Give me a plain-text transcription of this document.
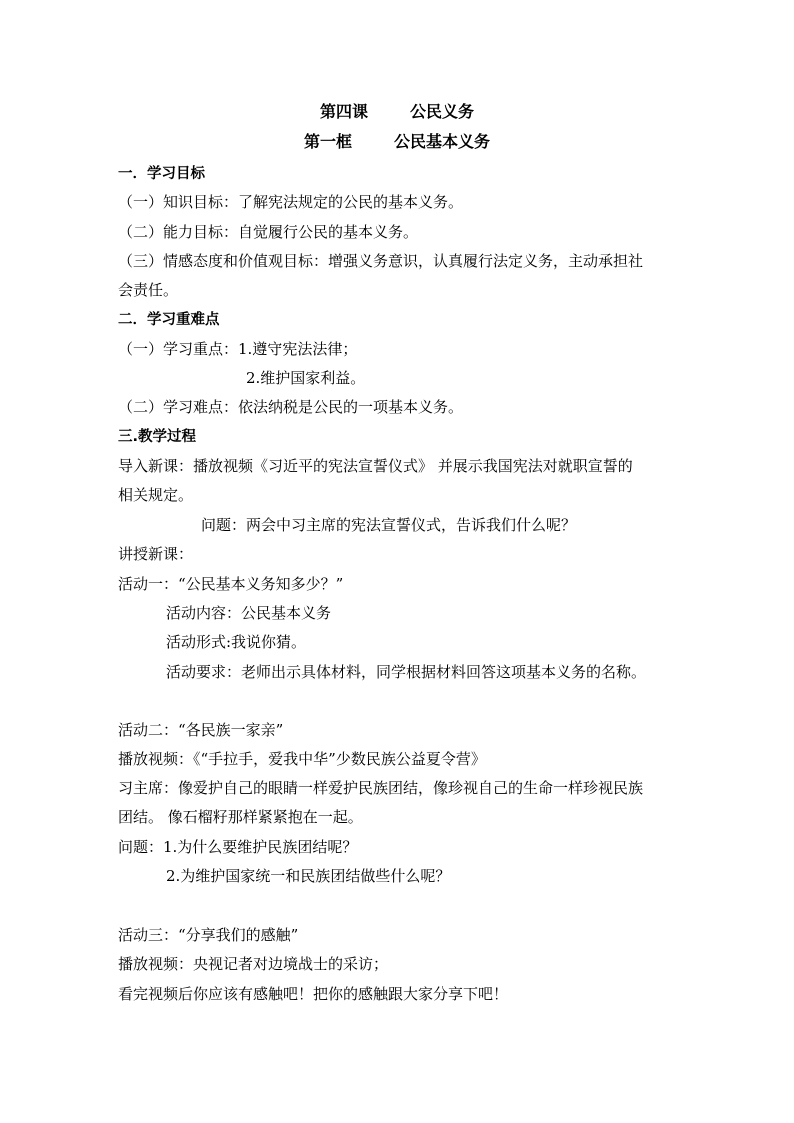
第四课	公民义务
第一框	公民基本义务
一．学习目标
（一）知识目标：了解宪法规定的公民的基本义务。
（二）能力目标：自觉履行公民的基本义务。
（三）情感态度和价值观目标：增强义务意识，认真履行法定义务，主动承担社
会责任。
二．学习重难点
（一）学习重点：1.遵守宪法法律；
2.维护国家利益。
（二）学习难点：依法纳税是公民的一项基本义务。
三.教学过程
导入新课：播放视频《习近平的宪法宣誓仪式》 并展示我国宪法对就职宣誓的
相关规定。
问题：两会中习主席的宪法宣誓仪式，告诉我们什么呢？
讲授新课：
活动一：“公民基本义务知多少？”
活动内容：公民基本义务
活动形式:我说你猜。
活动要求：老师出示具体材料，同学根据材料回答这项基本义务的名称。
活动二：“各民族一家亲”
播放视频：《“手拉手，爱我中华”少数民族公益夏令营》
习主席：像爱护自己的眼睛一样爱护民族团结，像珍视自己的生命一样珍视民族
团结。 像石榴籽那样紧紧抱在一起。
问题：1.为什么要维护民族团结呢？
2.为维护国家统一和民族团结做些什么呢？
活动三：“分享我们的感触”
播放视频：央视记者对边境战士的采访；
看完视频后你应该有感触吧！把你的感触跟大家分享下吧！
